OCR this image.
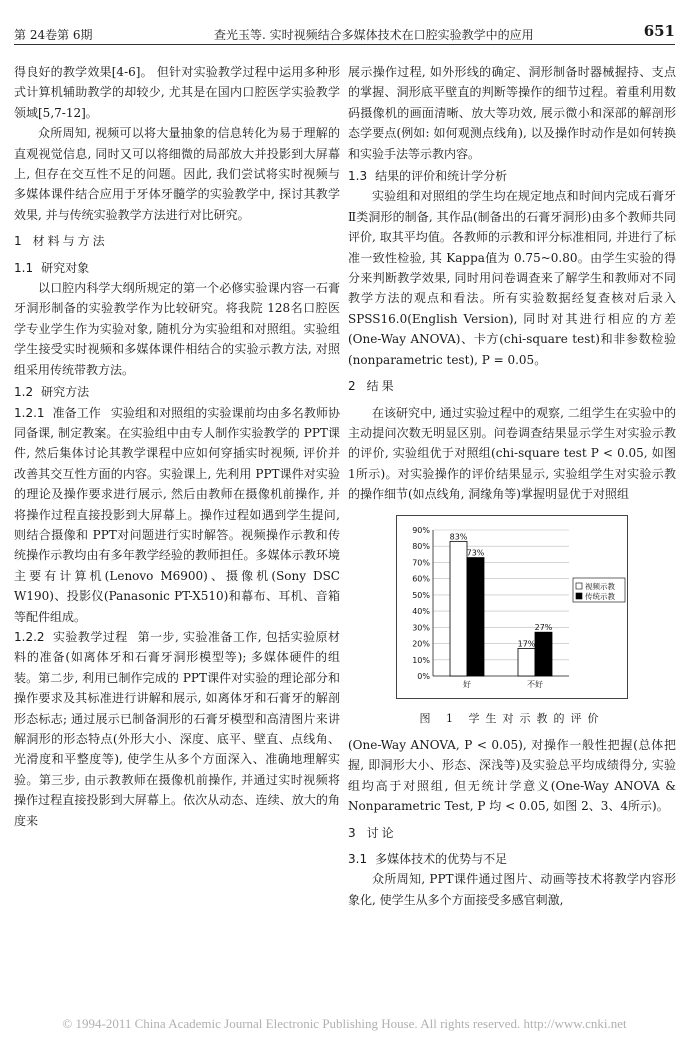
第 24卷第 6期	查光玉等. 实时视频结合多媒体技术在口腔实验教学中的应用	651

得良好的教学效果[4-6]。 但针对实验教学过程中运用多种形式计算机辅助教学的却较少, 尤其是在国内口腔医学实验教学领域[5,7-12]。

众所周知, 视频可以将大量抽象的信息转化为易于理解的直观视觉信息, 同时又可以将细微的局部放大并投影到大屏幕上, 但存在交互性不足的问题。因此, 我们尝试将实时视频与多媒体课件结合应用于牙体牙髓学的实验教学中, 探讨其教学效果, 并与传统实验教学方法进行对比研究。

1 材料与方法
1.1 研究对象

以口腔内科学大纲所规定的第一个必修实验课内容一石膏牙洞形制备的实验教学作为比较研究。将我院 128名口腔医学专业学生作为实验对象, 随机分为实验组和对照组。实验组学生接受实时视频和多媒体课件相结合的实验示教方法, 对照组采用传统带教方法。

1.2 研究方法

1.2.1 准备工作 实验组和对照组的实验课前均由多名教师协同备课, 制定教案。在实验组中由专人制作实验教学的 PPT课件, 然后集体讨论其教学课程中应如何穿插实时视频, 评价并改善其交互性方面的内容。实验课上, 先利用 PPT课件对实验的理论及操作要求进行展示, 然后由教师在摄像机前操作, 并将操作过程直接投影到大屏幕上。操作过程如遇到学生提问, 则结合摄像和 PPT对问题进行实时解答。视频操作示教和传统操作示教均由有多年教学经验的教师担任。多媒体示教环境主要有计算机(Lenovo M6900)、摄像机(Sony DSC W190)、投影仪(Panasonic PT-X510)和幕布、耳机、音箱等配件组成。

1.2.2 实验教学过程 第一步, 实验准备工作, 包括实验原材料的准备(如离体牙和石膏牙洞形模型等); 多媒体硬件的组装。第二步, 利用已制作完成的 PPT课件对实验的理论部分和操作要求及其标准进行讲解和展示, 如离体牙和石膏牙的解剖形态标志; 通过展示已制备洞形的石膏牙模型和高清图片来讲解洞形的形态特点(外形大小、深度、底平、壁直、点线角、光滑度和平整度等), 使学生从多个方面深入、准确地理解实验。第三步, 由示教教师在摄像机前操作, 并通过实时视频将操作过程直接投影到大屏幕上。依次从动态、连续、放大的角度来

展示操作过程, 如外形线的确定、洞形制备时器械握持、支点的掌握、洞形底平壁直的判断等操作的细节过程。着重利用数码摄像机的画面清晰、放大等功效, 展示微小和深部的解剖形态学要点(例如: 如何观测点线角), 以及操作时动作是如何转换和实验手法等示教内容。

1.3 结果的评价和统计学分析

实验组和对照组的学生均在规定地点和时间内完成石膏牙 Ⅱ类洞形的制备, 其作品(制备出的石膏牙洞形)由多个教师共同评价, 取其平均值。各教师的示教和评分标准相同, 并进行了标准一致性检验, 其 Kappa值为 0.75~0.80。由学生实验的得分来判断教学效果, 同时用问卷调查来了解学生和教师对不同教学方法的观点和看法。所有实验数据经复查核对后录入 SPSS16.0(English Version), 同时对其进行相应的方差(One-Way ANOVA)、卡方(chi-square test)和非参数检验(nonparametric test), P = 0.05。

2 结果

在该研究中, 通过实验过程中的观察, 二组学生在实验中的主动提问次数无明显区别。问卷调查结果显示学生对实验示教的评价, 实验组优于对照组(chi-square test P < 0.05, 如图 1所示)。对实验操作的评价结果显示, 实验组学生对实验示教的操作细节(如点线角, 洞缘角等)掌握明显优于对照组

0%
10%
20%
30%
40%
50%
60%
70%
80%
90%
83%
73%
好
17%
27%
不好
视频示教
传统示教
图 1 学生对示教的评价

(One-Way ANOVA, P < 0.05), 对操作一般性把握(总体把握, 即洞形大小、形态、深浅等)及实验总平均成绩得分, 实验组均高于对照组, 但无统计学意义(One-Way ANOVA & Nonparametric Test, P 均 < 0.05, 如图 2、3、4所示)。

3 讨论
3.1 多媒体技术的优势与不足

众所周知, PPT课件通过图片、动画等技术将教学内容形象化, 使学生从多个方面接受多感官刺激,

© 1994-2011 China Academic Journal Electronic Publishing House. All rights reserved. http://www.cnki.net
